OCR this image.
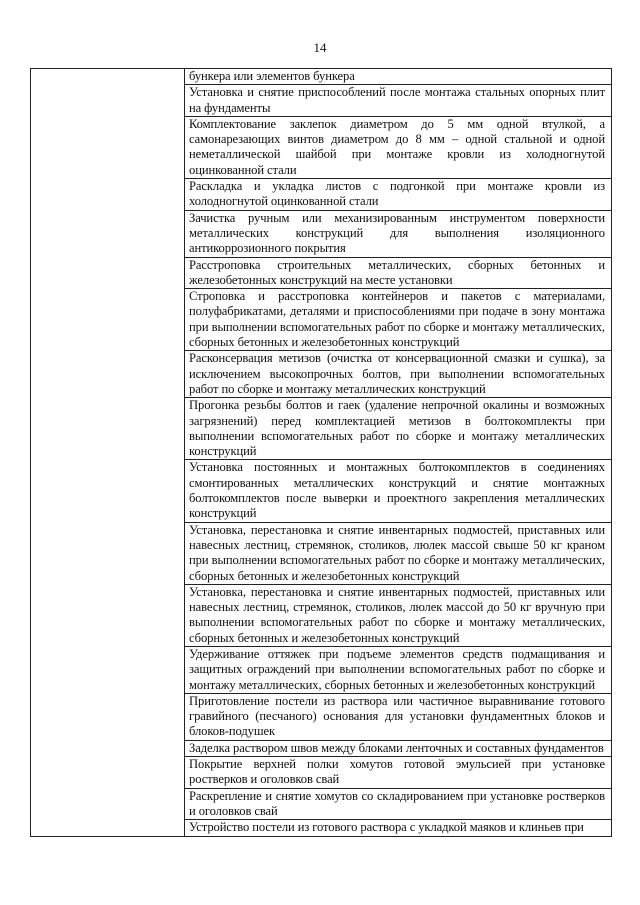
14

бункера или элементов бункера

Установка и снятие приспособлений после монтажа стальных опорных плит на фундаменты

Комплектование заклепок диаметром до 5 мм одной втулкой, а самонарезающих винтов диаметром до 8 мм – одной стальной и одной неметаллической шайбой при монтаже кровли из холодногнутой оцинкованной стали

Раскладка и укладка листов с подгонкой при монтаже кровли из холодногнутой оцинкованной стали

Зачистка ручным или механизированным инструментом поверхности металлических конструкций для выполнения изоляционного антикоррозионного покрытия

Расстроповка строительных металлических, сборных бетонных и железобетонных конструкций на месте установки

Строповка и расстроповка контейнеров и пакетов с материалами, полуфабрикатами, деталями и приспособлениями при подаче в зону монтажа при выполнении вспомогательных работ по сборке и монтажу металлических, сборных бетонных и железобетонных конструкций

Расконсервация метизов (очистка от консервационной смазки и сушка), за исключением высокопрочных болтов, при выполнении вспомогательных работ по сборке и монтажу металлических конструкций

Прогонка резьбы болтов и гаек (удаление непрочной окалины и возможных загрязнений) перед комплектацией метизов в болтокомплекты при выполнении вспомогательных работ по сборке и монтажу металлических конструкций

Установка постоянных и монтажных болтокомплектов в соединениях смонтированных металлических конструкций и снятие монтажных болтокомплектов после выверки и проектного закрепления металлических конструкций

Установка, перестановка и снятие инвентарных подмостей, приставных или навесных лестниц, стремянок, столиков, люлек массой свыше 50 кг краном при выполнении вспомогательных работ по сборке и монтажу металлических, сборных бетонных и железобетонных конструкций

Установка, перестановка и снятие инвентарных подмостей, приставных или навесных лестниц, стремянок, столиков, люлек массой до 50 кг вручную при выполнении вспомогательных работ по сборке и монтажу металлических, сборных бетонных и железобетонных конструкций

Удерживание оттяжек при подъеме элементов средств подмащивания и защитных ограждений при выполнении вспомогательных работ по сборке и монтажу металлических, сборных бетонных и железобетонных конструкций

Приготовление постели из раствора или частичное выравнивание готового гравийного (песчаного) основания для установки фундаментных блоков и блоков-подушек

Заделка раствором швов между блоками ленточных и составных фундаментов

Покрытие верхней полки хомутов готовой эмульсией при установке ростверков и оголовков свай

Раскрепление и снятие хомутов со складированием при установке ростверков и оголовков свай

Устройство постели из готового раствора с укладкой маяков и клиньев при
